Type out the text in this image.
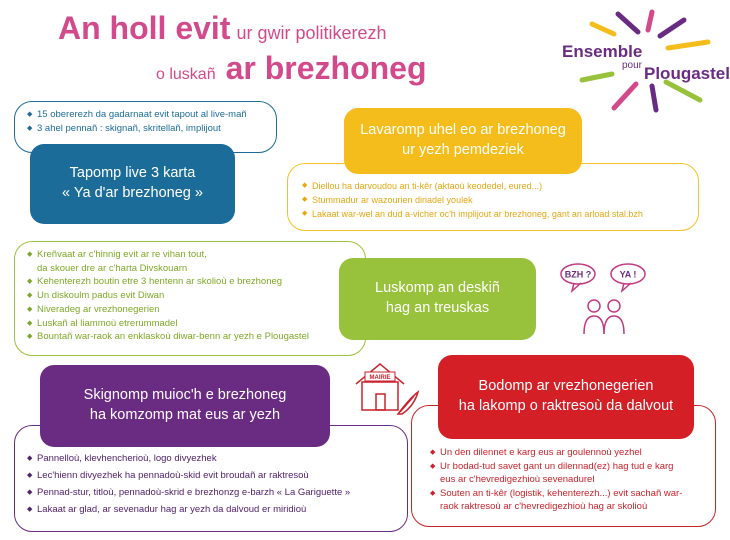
An holl evit ur gwir politikerezh
o luskañ ar brezhoneg	Ensemble
pour Plougastel
◆ 15 obererezh da gadarnaat evit tapout al live-mañ
◆ 3 ahel pennañ : skignañ, skritellañ, implijout
Tapomp live 3 karta
« Ya d'ar brezhoneg »
◆	Diellou ha darvoudou an ti-kêr (aktaoù keodedel, eured...)
◆ Stummadur ar wazourien diriadel youlek
◆ Lakaat war-wel an dud a-vicher oc'h implijout ar brezhoneg, gant an arload stal.bzh
Lavaromp uhel eo ar brezhoneg
ur yezh pemdeziek
◆ Kreñvaat ar c'hinnig evit ar re vihan tout,
da skouer dre ar c'harta Divskouarn
◆ Kehenterezh boutin etre 3 hentenn ar skolioù e brezhoneg
◆ Un diskoulm padus evit Diwan
◆ Niveradeg ar vrezhonegerien
◆ Luskañ al liammoù etrerummadel
◆ Bountañ war-raok an enklaskoù diwar-benn ar yezh e Plougastel
Luskomp an deskiñ
hag an treuskas
BZH ?	YA !
MAIRIE
◆ Pannelloù, klevhencherioù, logo divyezhek
◆ Lec'hienn divyezhek ha pennadoù-skid evit broudañ ar raktresoù
◆ Pennad-stur, titloù, pennadoù-skrid e brezhonzg e-barzh « La Gariguette »
◆ Lakaat ar glad, ar sevenadur hag ar yezh da dalvoud er miridioù
Skignomp muioc'h e brezhoneg
ha komzomp mat eus ar yezh
◆ Un den dilennet e karg eus ar goulennoù yezhel
◆ Ur bodad-tud savet gant un dilennad(ez) hag tud e karg
eus ar c'hevredigezhioù sevenadurel
◆ Souten an ti-kêr (logistik, kehenterezh...) evit sachañ war-
raok raktresoù ar c'hevredigezhioù hag ar skolioù
Bodomp ar vrezhonegerien
ha lakomp o raktresoù da dalvout
